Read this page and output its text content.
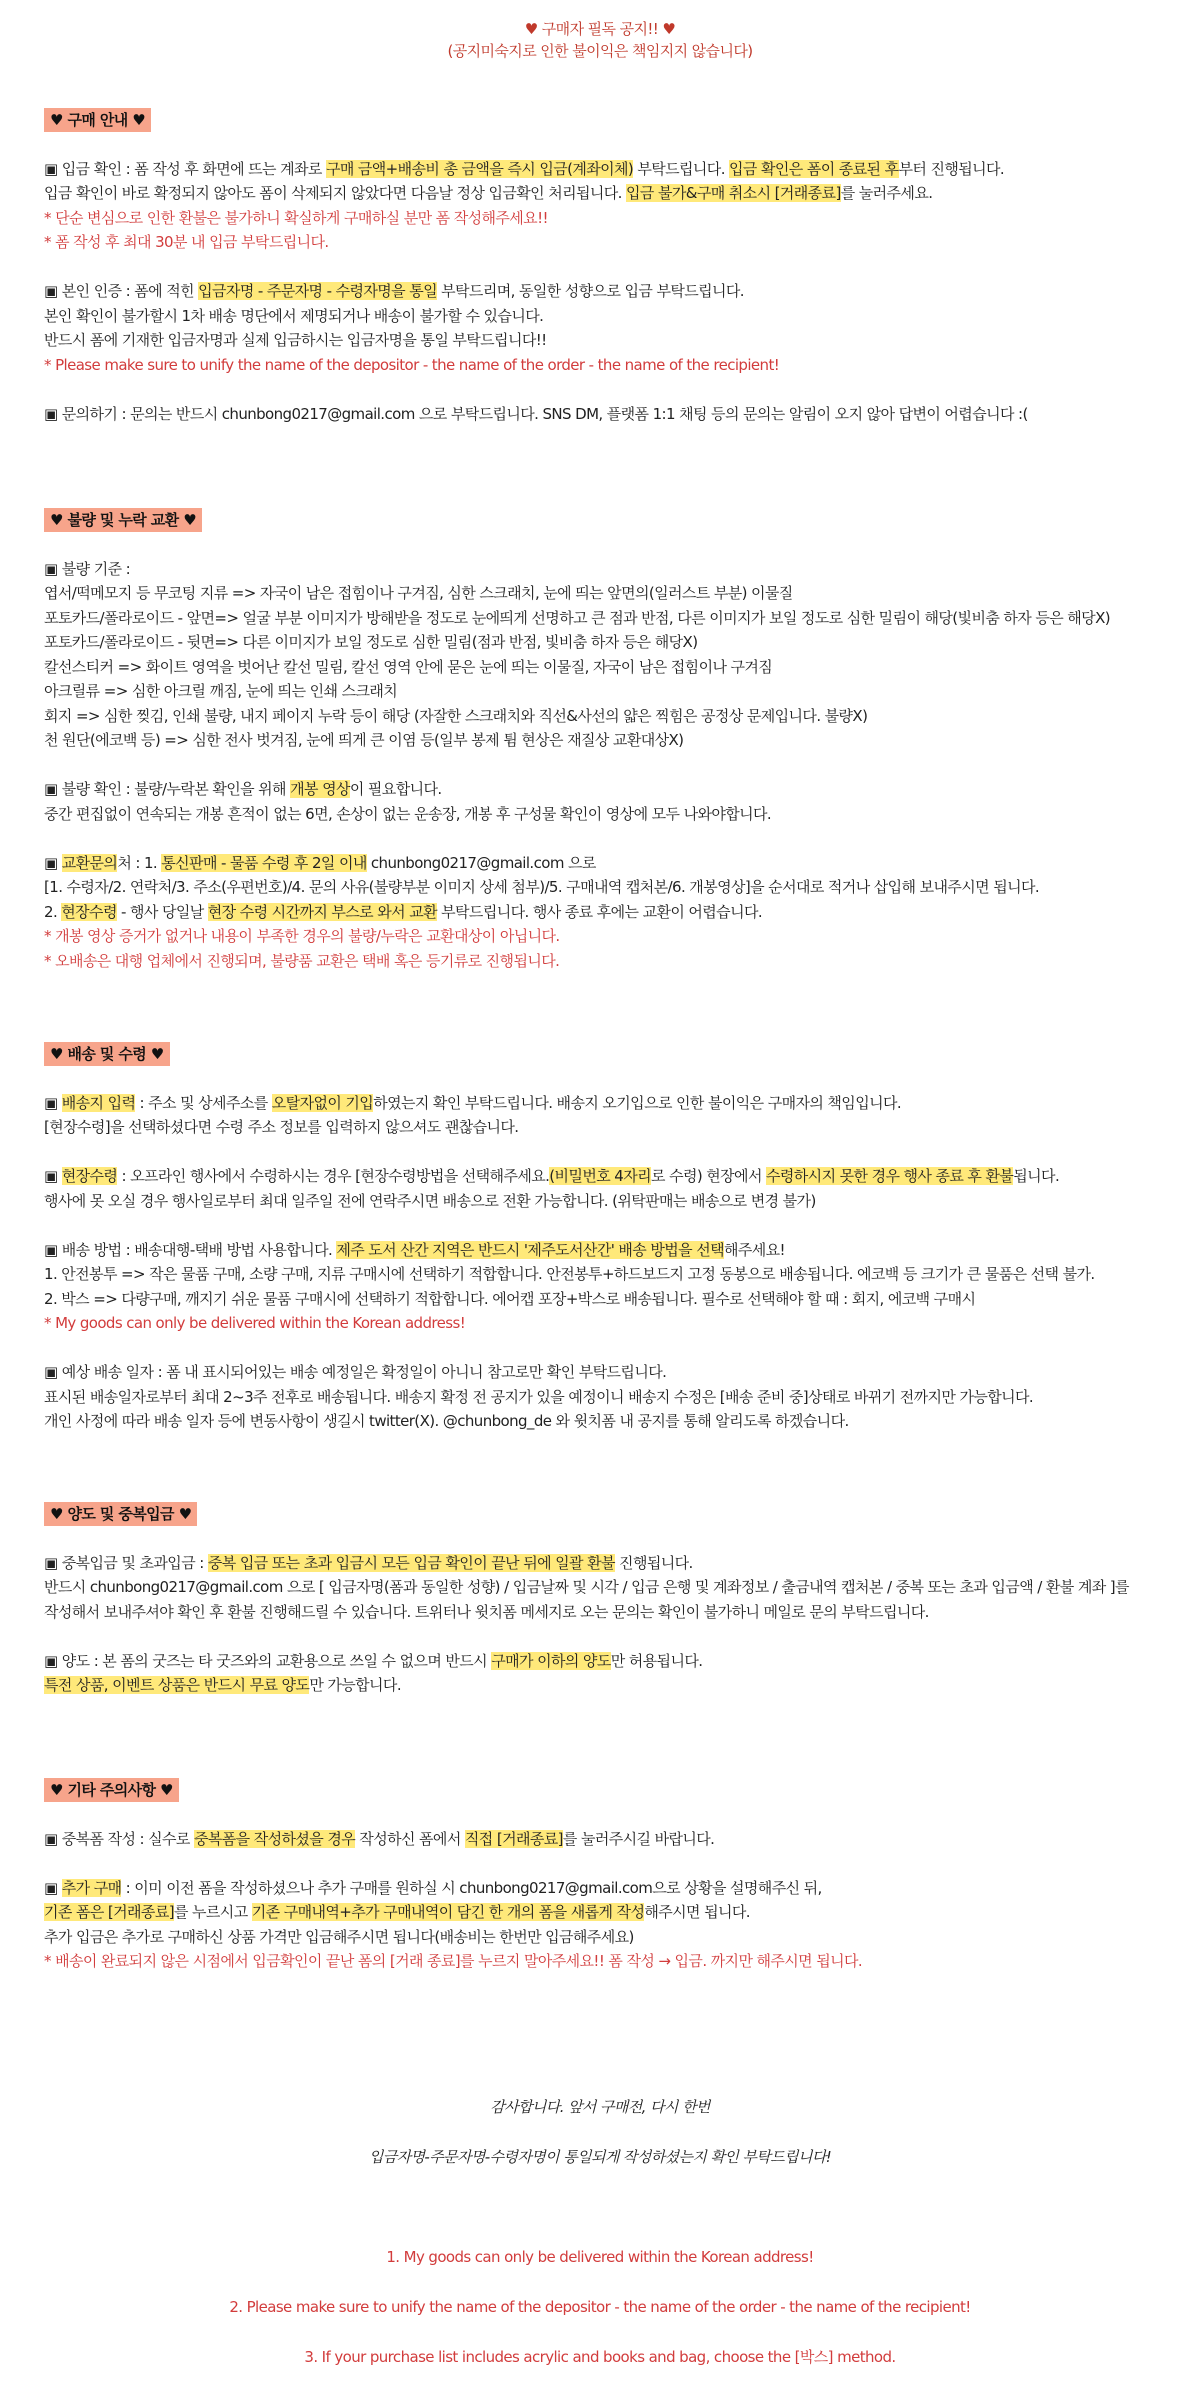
♥ 구매자 필독 공지!! ♥
(공지미숙지로 인한 불이익은 책임지지 않습니다)
♥ 구매 안내 ♥
▣ 입금 확인 : 폼 작성 후 화면에 뜨는 계좌로 구매 금액+배송비 총 금액을 즉시 입금(계좌이체) 부탁드립니다. 입금 확인은 폼이 종료된 후부터 진행됩니다.
입금 확인이 바로 확정되지 않아도 폼이 삭제되지 않았다면 다음날 정상 입금확인 처리됩니다. 입금 불가&구매 취소시 [거래종료]를 눌러주세요.
* 단순 변심으로 인한 환불은 불가하니 확실하게 구매하실 분만 폼 작성해주세요!!
* 폼 작성 후 최대 30분 내 입금 부탁드립니다.
▣ 본인 인증 : 폼에 적힌 입금자명 - 주문자명 - 수령자명을 통일 부탁드리며, 동일한 성향으로 입금 부탁드립니다.
본인 확인이 불가할시 1차 배송 명단에서 제명되거나 배송이 불가할 수 있습니다.
반드시 폼에 기재한 입금자명과 실제 입금하시는 입금자명을 통일 부탁드립니다!!
* Please make sure to unify the name of the depositor - the name of the order - the name of the recipient!
▣ 문의하기 : 문의는 반드시 chunbong0217@gmail.com 으로 부탁드립니다. SNS DM, 플랫폼 1:1 채팅 등의 문의는 알림이 오지 않아 답변이 어렵습니다 :(
♥ 불량 및 누락 교환 ♥
▣ 불량 기준 :
엽서/떡메모지 등 무코팅 지류 => 자국이 남은 접힘이나 구겨짐, 심한 스크래치, 눈에 띄는 앞면의(일러스트 부분) 이물질
포토카드/폴라로이드 - 앞면=> 얼굴 부분 이미지가 방해받을 정도로 눈에띄게 선명하고 큰 점과 반점, 다른 이미지가 보일 정도로 심한 밀림이 해당(빛비춤 하자 등은 해당X)
포토카드/폴라로이드 - 뒷면=> 다른 이미지가 보일 정도로 심한 밀림(점과 반점, 빛비춤 하자 등은 해당X)
칼선스티커 => 화이트 영역을 벗어난 칼선 밀림, 칼선 영역 안에 묻은 눈에 띄는 이물질, 자국이 남은 접힘이나 구겨짐
아크릴류 => 심한 아크릴 깨짐, 눈에 띄는 인쇄 스크래치
회지 => 심한 찢김, 인쇄 불량, 내지 페이지 누락 등이 해당 (자잘한 스크래치와 직선&사선의 얇은 찍힘은 공정상 문제입니다. 불량X)
천 원단(에코백 등) => 심한 전사 벗겨짐, 눈에 띄게 큰 이염 등(일부 봉제 튐 현상은 재질상 교환대상X)
▣ 불량 확인 : 불량/누락본 확인을 위해 개봉 영상이 필요합니다.
중간 편집없이 연속되는 개봉 흔적이 없는 6면, 손상이 없는 운송장, 개봉 후 구성물 확인이 영상에 모두 나와야합니다.
▣ 교환문의처 : 1. 통신판매 - 물품 수령 후 2일 이내 chunbong0217@gmail.com 으로
[1. 수령자/2. 연락처/3. 주소(우편번호)/4. 문의 사유(불량부분 이미지 상세 첨부)/5. 구매내역 캡처본/6. 개봉영상]을 순서대로 적거나 삽입해 보내주시면 됩니다.
2. 현장수령 - 행사 당일날 현장 수령 시간까지 부스로 와서 교환 부탁드립니다. 행사 종료 후에는 교환이 어렵습니다.
* 개봉 영상 증거가 없거나 내용이 부족한 경우의 불량/누락은 교환대상이 아닙니다.
* 오배송은 대행 업체에서 진행되며, 불량품 교환은 택배 혹은 등기류로 진행됩니다.
♥ 배송 및 수령 ♥
▣ 배송지 입력 : 주소 및 상세주소를 오탈자없이 기입하였는지 확인 부탁드립니다. 배송지 오기입으로 인한 불이익은 구매자의 책임입니다.
[현장수령]을 선택하셨다면 수령 주소 정보를 입력하지 않으셔도 괜찮습니다.
▣ 현장수령 : 오프라인 행사에서 수령하시는 경우 [현장수령방법을 선택해주세요.(비밀번호 4자리로 수령) 현장에서 수령하시지 못한 경우 행사 종료 후 환불됩니다.
행사에 못 오실 경우 행사일로부터 최대 일주일 전에 연락주시면 배송으로 전환 가능합니다. (위탁판매는 배송으로 변경 불가)
▣ 배송 방법 : 배송대행-택배 방법 사용합니다. 제주 도서 산간 지역은 반드시 '제주도서산간' 배송 방법을 선택해주세요!
1. 안전봉투 => 작은 물품 구매, 소량 구매, 지류 구매시에 선택하기 적합합니다. 안전봉투+하드보드지 고정 동봉으로 배송됩니다. 에코백 등 크기가 큰 물품은 선택 불가.
2. 박스 => 다량구매, 깨지기 쉬운 물품 구매시에 선택하기 적합합니다. 에어캡 포장+박스로 배송됩니다. 필수로 선택해야 할 때 : 회지, 에코백 구매시
* My goods can only be delivered within the Korean address!
▣ 예상 배송 일자 : 폼 내 표시되어있는 배송 예정일은 확정일이 아니니 참고로만 확인 부탁드립니다.
표시된 배송일자로부터 최대 2~3주 전후로 배송됩니다. 배송지 확정 전 공지가 있을 예정이니 배송지 수정은 [배송 준비 중]상태로 바뀌기 전까지만 가능합니다.
개인 사정에 따라 배송 일자 등에 변동사항이 생길시 twitter(X). @chunbong_de 와 윗치폼 내 공지를 통해 알리도록 하겠습니다.
♥ 양도 및 중복입금 ♥
▣ 중복입금 및 초과입금 : 중복 입금 또는 초과 입금시 모든 입금 확인이 끝난 뒤에 일괄 환불 진행됩니다.
반드시 chunbong0217@gmail.com 으로 [ 입금자명(폼과 동일한 성향) / 입금날짜 및 시각 / 입금 은행 및 계좌정보 / 출금내역 캡처본 / 중복 또는 초과 입금액 / 환불 계좌 ]를
작성해서 보내주셔야 확인 후 환불 진행해드릴 수 있습니다. 트위터나 윗치폼 메세지로 오는 문의는 확인이 불가하니 메일로 문의 부탁드립니다.
▣ 양도 : 본 폼의 굿즈는 타 굿즈와의 교환용으로 쓰일 수 없으며 반드시 구매가 이하의 양도만 허용됩니다.
특전 상품, 이벤트 상품은 반드시 무료 양도만 가능합니다.
♥ 기타 주의사항 ♥
▣ 중복폼 작성 : 실수로 중복폼을 작성하셨을 경우 작성하신 폼에서 직접 [거래종료]를 눌러주시길 바랍니다.
▣ 추가 구매 : 이미 이전 폼을 작성하셨으나 추가 구매를 원하실 시 chunbong0217@gmail.com으로 상황을 설명해주신 뒤,
기존 폼은 [거래종료]를 누르시고 기존 구매내역+추가 구매내역이 담긴 한 개의 폼을 새롭게 작성해주시면 됩니다.
추가 입금은 추가로 구매하신 상품 가격만 입금해주시면 됩니다(배송비는 한번만 입금해주세요)
* 배송이 완료되지 않은 시점에서 입금확인이 끝난 폼의 [거래 종료]를 누르지 말아주세요!! 폼 작성 → 입금. 까지만 해주시면 됩니다.
감사합니다. 앞서 구매전, 다시 한번
입금자명-주문자명-수령자명이 통일되게 작성하셨는지 확인 부탁드립니다!
1. My goods can only be delivered within the Korean address!
2. Please make sure to unify the name of the depositor - the name of the order - the name of the recipient!
3. If your purchase list includes acrylic and books and bag, choose the [박스] method.
